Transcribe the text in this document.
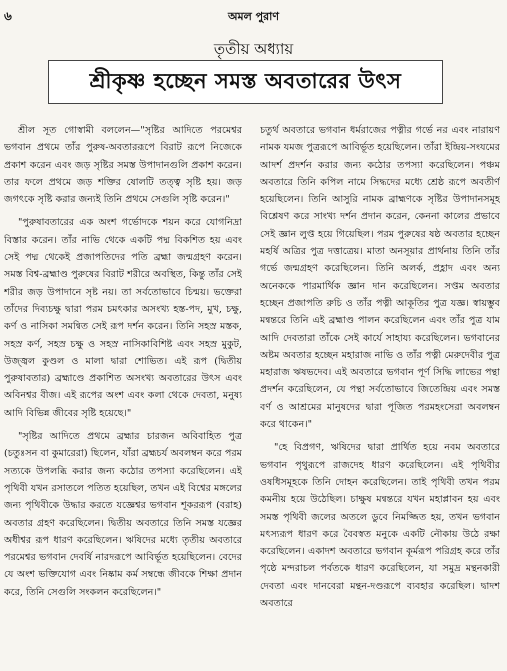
৬	অমল পুরাণ
তৃতীয় অধ্যায়
শ্রীকৃষ্ণ হচ্ছেন সমস্ত অবতারের উৎস

শ্রীল সূত গোস্বামী বললেন—"সৃষ্টির আদিতে পরমেশ্বর ভগবান প্রথমে তাঁর পুরুষ-অবতাররূপে বিরাট রূপে নিজেকে প্রকাশ করেন এবং জড় সৃষ্টির সমস্ত উপাদানগুলি প্রকাশ করেন। তার ফলে প্রথমে জড় শক্তির ষোলটি তত্ত্ব সৃষ্টি হয়। জড় জগৎকে সৃষ্টি করার জন্যই তিনি প্রথমে সেগুলি সৃষ্টি করেন।"

"পুরুষাবতারের এক অংশ গর্ভোদকে শয়ন করে যোগনিদ্রা বিস্তার করেন। তাঁর নাভি থেকে একটি পদ্ম বিকশিত হয় এবং সেই পদ্ম থেকেই প্রজাপতিদের পতি ব্রহ্মা জন্মগ্রহণ করেন। সমস্ত বিশ্ব-ব্রহ্মাণ্ড পুরুষের বিরাট শরীরে অবস্থিত, কিন্তু তাঁর সেই শরীর জড় উপাদানে সৃষ্ট নয়। তা সর্বতোভাবে চিন্ময়। ভক্তেরা তাঁদের দিব্যচক্ষু দ্বারা পরম চমৎকার অসংখ্য হস্ত-পদ, মুখ, চক্ষু, কর্ণ ও নাসিকা সমন্বিত সেই রূপ দর্শন করেন। তিনি সহস্র মস্তক, সহস্র কর্ণ, সহস্র চক্ষু ও সহস্র নাসিকাবিশিষ্ট এবং সহস্র মুকুট, উজ্জ্বল কুণ্ডল ও মালা দ্বারা শোভিত। এই রূপ (দ্বিতীয় পুরুষাবতার) ব্রহ্মাণ্ডে প্রকাশিত অসংখ্য অবতারের উৎস এবং অবিনশ্বর বীজ। এই রূপের অংশ এবং কলা থেকে দেবতা, মনুষ্য আদি বিভিন্ন জীবের সৃষ্টি হয়েছে।"

"সৃষ্টির আদিতে প্রথমে ব্রহ্মার চারজন অবিবাহিত পুত্র (চতুঃসন বা কুমারেরা) ছিলেন, যাঁরা ব্রহ্মচর্য অবলম্বন করে পরম সত্যকে উপলব্ধি করার জন্য কঠোর তপস্যা করেছিলেন। এই পৃথিবী যখন রসাতলে পতিত হয়েছিল, তখন এই বিশ্বের মঙ্গলের জন্য পৃথিবীকে উদ্ধার করতে যজ্ঞেশ্বর ভগবান শূকররূপ (বরাহ) অবতার গ্রহণ করেছিলেন। দ্বিতীয় অবতারে তিনি সমস্ত যজ্ঞের অধীশ্বর রূপ ধারণ করেছিলেন। ঋষিদের মধ্যে তৃতীয় অবতারে পরমেশ্বর ভগবান দেবর্ষি নারদরূপে আবির্ভূত হয়েছিলেন। বেদের যে অংশ ভক্তিযোগ এবং নিষ্কাম কর্ম সম্বন্ধে জীবকে শিক্ষা প্রদান করে, তিনি সেগুলি সংকলন করেছিলেন।"

চতুর্থ অবতারে ভগবান ধর্মরাজের পত্নীর গর্ভে নর এবং নারায়ণ নামক যমজ পুত্ররূপে আবির্ভূত হয়েছিলেন। তাঁরা ইন্দ্রিয়-সংযমের আদর্শ প্রদর্শন করার জন্য কঠোর তপস্যা করেছিলেন। পঞ্চম অবতারে তিনি কপিল নামে সিদ্ধদের মধ্যে শ্রেষ্ঠ রূপে অবতীর্ণ হয়েছিলেন। তিনি আসুরি নামক ব্রাহ্মণকে সৃষ্টির উপাদানসমূহ বিশ্লেষণ করে সাংখ্য দর্শন প্রদান করেন, কেননা কালের প্রভাবে সেই জ্ঞান লুপ্ত হয়ে গিয়েছিল। পরম পুরুষের ষষ্ঠ অবতার হচ্ছেন মহর্ষি অত্রির পুত্র দত্তাত্রেয়। মাতা অনসূয়ার প্রার্থনায় তিনি তাঁর গর্ভে জন্মগ্রহণ করেছিলেন। তিনি অলর্ক, প্রহ্লাদ এবং অন্য অনেককে পারমার্থিক জ্ঞান দান করেছিলেন। সপ্তম অবতার হচ্ছেন প্রজাপতি রুচি ও তাঁর পত্নী আকূতির পুত্র যজ্ঞ। স্বায়ম্ভুব মন্বন্তরে তিনি এই ব্রহ্মাণ্ড পালন করেছিলেন এবং তাঁর পুত্র যাম আদি দেবতারা তাঁকে সেই কার্যে সাহায্য করেছিলেন। ভগবানের অষ্টম অবতার হচ্ছেন মহারাজ নাভি ও তাঁর পত্নী মেরুদেবীর পুত্র মহারাজ ঋষভদেব। এই অবতারে ভগবান পূর্ণ সিদ্ধি লাভের পন্থা প্রদর্শন করেছিলেন, যে পন্থা সর্বতোভাবে জিতেন্দ্রিয় এবং সমস্ত বর্ণ ও আশ্রমের মানুষদের দ্বারা পূজিত পরমহংসেরা অবলম্বন করে থাকেন।"

"হে বিপ্রগণ, ঋষিদের দ্বারা প্রার্থিত হয়ে নবম অবতারে ভগবান পৃথুরূপে রাজদেহ ধারণ করেছিলেন। এই পৃথিবীর ওষধিসমূহকে তিনি দোহন করেছিলেন। তাই পৃথিবী তখন পরম কমনীয় হয়ে উঠেছিল। চাক্ষুষ মন্বন্তরে যখন মহাপ্লাবন হয় এবং সমস্ত পৃথিবী জলের অতলে ডুবে নিমজ্জিত হয়, তখন ভগবান মৎস্যরূপ ধারণ করে বৈবস্বত মনুকে একটি নৌকায় উঠে রক্ষা করেছিলেন। একাদশ অবতারে ভগবান কূর্মরূপ পরিগ্রহ করে তাঁর পৃষ্ঠে মন্দরাচল পর্বতকে ধারণ করেছিলেন, যা সমুদ্র মন্থনকারী দেবতা এবং দানবেরা মন্থন-দণ্ডরূপে ব্যবহার করেছিল। দ্বাদশ অবতারে
